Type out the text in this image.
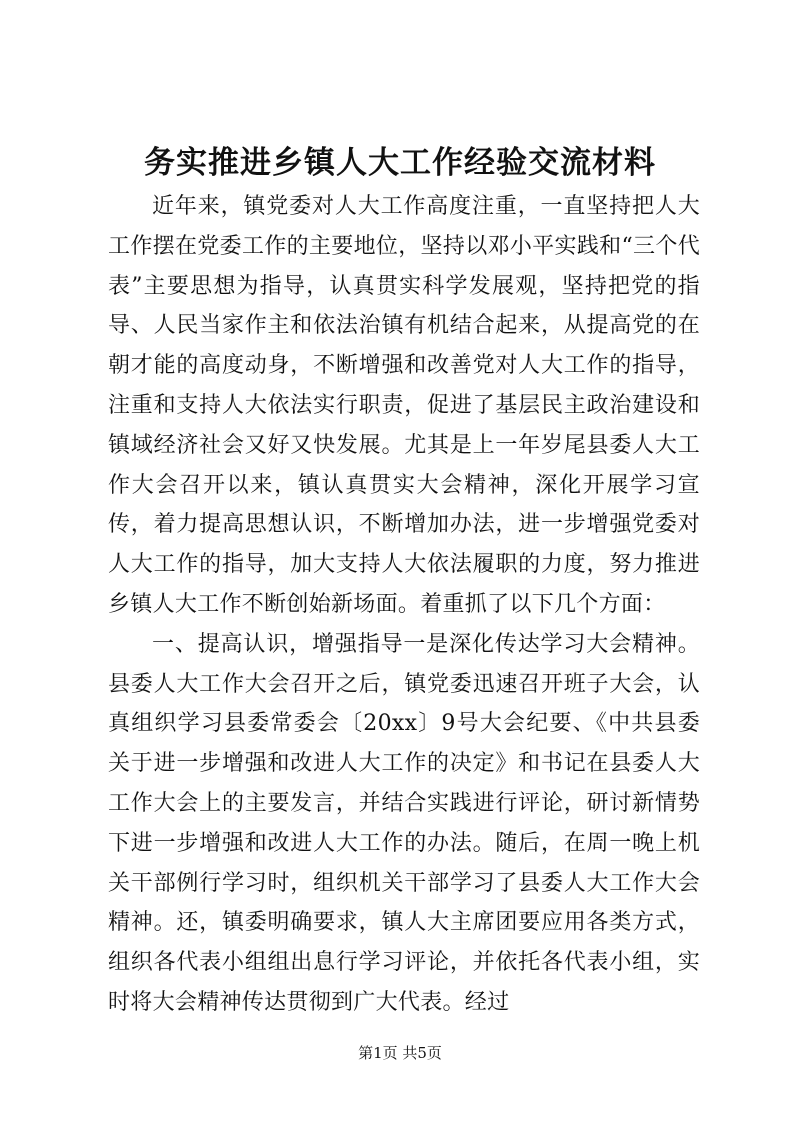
务实推进乡镇人大工作经验交流材料

近年来，镇党委对人大工作高度注重，一直坚持把人大工作摆在党委工作的主要地位，坚持以邓小平实践和“三个代表”主要思想为指导，认真贯实科学发展观，坚持把党的指导、人民当家作主和依法治镇有机结合起来，从提高党的在朝才能的高度动身，不断增强和改善党对人大工作的指导，注重和支持人大依法实行职责，促进了基层民主政治建设和镇域经济社会又好又快发展。尤其是上一年岁尾县委人大工作大会召开以来，镇认真贯实大会精神，深化开展学习宣传，着力提高思想认识，不断增加办法，进一步增强党委对人大工作的指导，加大支持人大依法履职的力度，努力推进乡镇人大工作不断创始新场面。着重抓了以下几个方面：

一、提高认识，增强指导一是深化传达学习大会精神。县委人大工作大会召开之后，镇党委迅速召开班子大会，认真组织学习县委常委会〔20xx〕9号大会纪要、《中共县委关于进一步增强和改进人大工作的决定》和书记在县委人大工作大会上的主要发言，并结合实践进行评论，研讨新情势下进一步增强和改进人大工作的办法。随后，在周一晚上机关干部例行学习时，组织机关干部学习了县委人大工作大会精神。还，镇委明确要求，镇人大主席团要应用各类方式，组织各代表小组组出息行学习评论，并依托各代表小组，实时将大会精神传达贯彻到广大代表。经过

第1页 共5页
